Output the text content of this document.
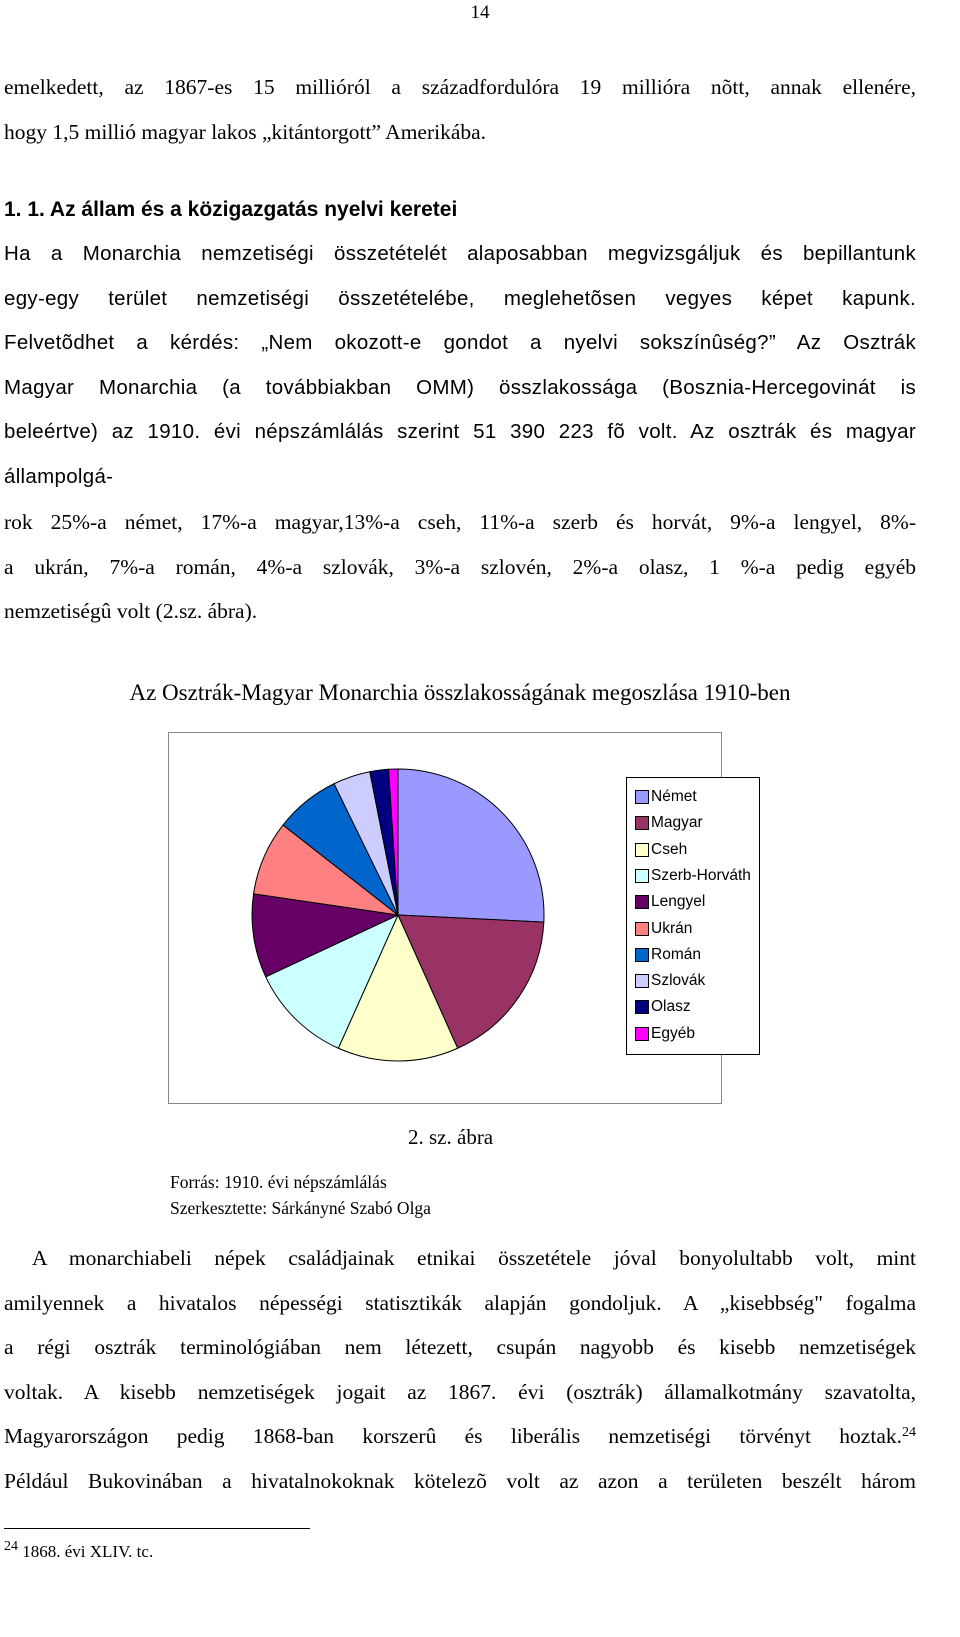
14
emelkedett, az 1867-es 15 millióról a századfordulóra 19 millióra nõtt, annak ellenére,
hogy 1,5 millió magyar lakos „kitántorgott” Amerikába.
1. 1. Az állam és a közigazgatás nyelvi keretei
Ha a Monarchia nemzetiségi összetételét alaposabban megvizsgáljuk és bepillantunk
egy-egy terület nemzetiségi összetételébe, meglehetõsen vegyes képet kapunk.
Felvetõdhet a kérdés: „Nem okozott-e gondot a nyelvi sokszínûség?” Az Osztrák
Magyar Monarchia (a továbbiakban OMM) összlakossága (Bosznia-Hercegovinát is
beleértve) az 1910. évi népszámlálás szerint 51 390 223 fõ volt. Az osztrák és magyar
állampolgá-
rok 25%-a német, 17%-a magyar,13%-a cseh, 11%-a szerb és horvát, 9%-a lengyel, 8%-
a ukrán, 7%-a román, 4%-a szlovák, 3%-a szlovén, 2%-a olasz, 1 %-a pedig egyéb
nemzetiségû volt (2.sz. ábra).
Az Osztrák-Magyar Monarchia összlakosságának megoszlása 1910-ben
Német
Magyar
Cseh
Szerb-Horváth
Lengyel
Ukrán
Román
Szlovák
Olasz
Egyéb
2. sz. ábra
Forrás: 1910. évi népszámlálás
Szerkesztette: Sárkányné Szabó Olga
A monarchiabeli népek családjainak etnikai összetétele jóval bonyolultabb volt, mint
amilyennek a hivatalos népességi statisztikák alapján gondoljuk. A „kisebbség" fogalma
a régi osztrák terminológiában nem létezett, csupán nagyobb és kisebb nemzetiségek
voltak. A kisebb nemzetiségek jogait az 1867. évi (osztrák) államalkotmány szavatolta,
Magyarországon pedig 1868-ban korszerû és liberális nemzetiségi törvényt hoztak.$^{24}$
Például Bukovinában a hivatalnokoknak kötelezõ volt az azon a területen beszélt három
$^{24}$ 1868. évi XLIV. tc.
